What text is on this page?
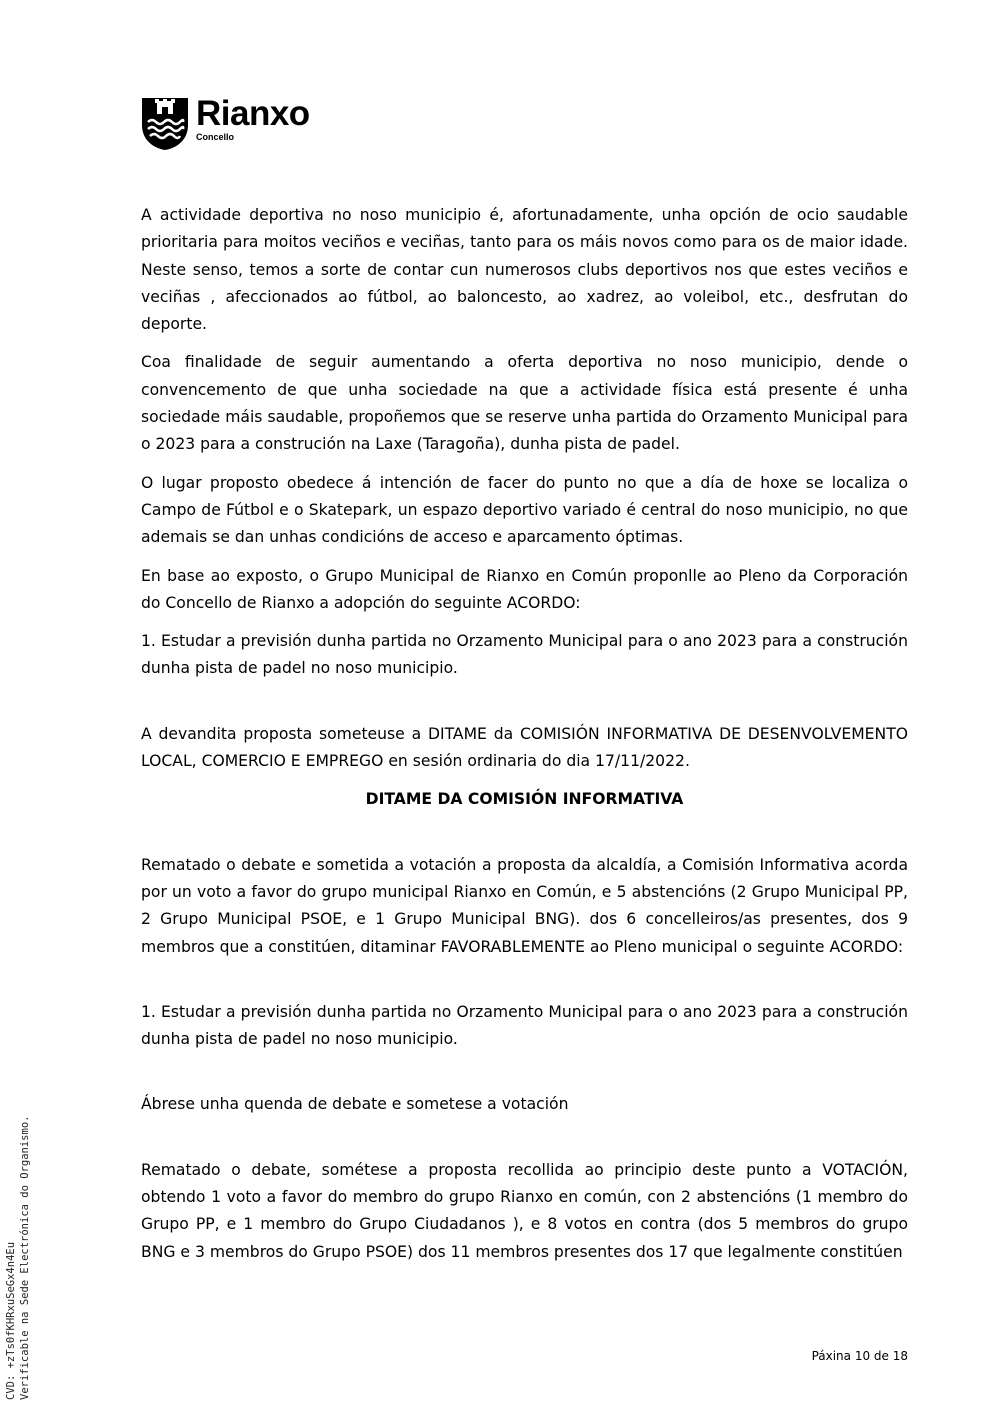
Rianxo
Concello

A actividade deportiva no noso municipio é, afortunadamente, unha opción de ocio saudable prioritaria para moitos veciños e veciñas, tanto para os máis novos como para os de maior idade. Neste senso, temos a sorte de contar cun numerosos clubs deportivos nos que estes veciños e veciñas , afeccionados ao fútbol, ao baloncesto, ao xadrez, ao voleibol, etc., desfrutan do deporte.

Coa finalidade de seguir aumentando a oferta deportiva no noso municipio, dende o convencemento de que unha sociedade na que a actividade física está presente é unha sociedade máis saudable, propoñemos que se reserve unha partida do Orzamento Municipal para o 2023 para a construción na Laxe (Taragoña), dunha pista de padel.

O lugar proposto obedece á intención de facer do punto no que a día de hoxe se localiza o Campo de Fútbol e o Skatepark, un espazo deportivo variado é central do noso municipio, no que ademais se dan unhas condicións de acceso e aparcamento óptimas.

En base ao exposto, o Grupo Municipal de Rianxo en Común proponlle ao Pleno da Corporación do Concello de Rianxo a adopción do seguinte ACORDO:

1. Estudar a previsión dunha partida no Orzamento Municipal para o ano 2023 para a construción dunha pista de padel no noso municipio.

A devandita proposta someteuse a DITAME da COMISIÓN INFORMATIVA DE DESENVOLVEMENTO LOCAL, COMERCIO E EMPREGO en sesión ordinaria do dia 17/11/2022.

DITAME DA COMISIÓN INFORMATIVA

Rematado o debate e sometida a votación a proposta da alcaldía, a Comisión Informativa acorda por un voto a favor do grupo municipal Rianxo en Común, e 5 abstencións (2 Grupo Municipal PP, 2 Grupo Municipal PSOE, e 1 Grupo Municipal BNG). dos 6 concelleiros/as presentes, dos 9 membros que a constitúen, ditaminar FAVORABLEMENTE ao Pleno municipal o seguinte ACORDO:

1. Estudar a previsión dunha partida no Orzamento Municipal para o ano 2023 para a construción dunha pista de padel no noso municipio.

Ábrese unha quenda de debate e sometese a votación

Rematado o debate, sométese a proposta recollida ao principio deste punto a VOTACIÓN, obtendo 1 voto a favor do membro do grupo Rianxo en común, con 2 abstencións (1 membro do Grupo PP, e 1 membro do Grupo Ciudadanos ), e 8 votos en contra (dos 5 membros do grupo BNG e 3 membros do Grupo PSOE) dos 11 membros presentes dos 17 que legalmente constitúen

Páxina 10 de 18
CVD: +zTs0fKHRxuSeGx4n4Eu Verificable na Sede Electrónica do Organismo.
